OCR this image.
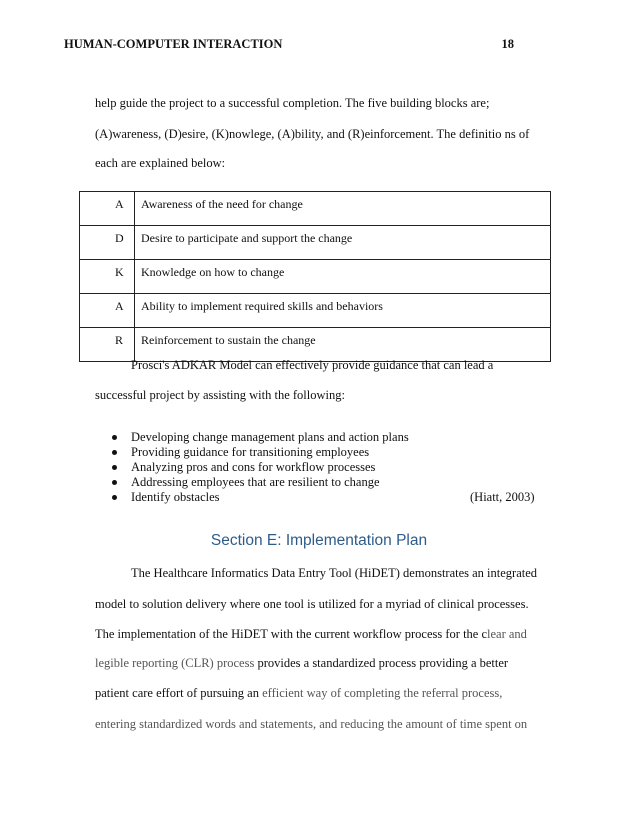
HUMAN-COMPUTER INTERACTION	18
help guide the project to a successful completion. The five building blocks are;
(A)wareness, (D)esire, (K)nowlege, (A)bility, and (R)einforcement. The definitio ns of
each are explained below:
A	Awareness of the need for change
D	Desire to participate and support the change
K	Knowledge on how to change
A	Ability to implement required skills and behaviors
R	Reinforcement to sustain the change
Prosci's ADKAR Model can effectively provide guidance that can lead a
successful project by assisting with the following:
Developing change management plans and action plans
Providing guidance for transitioning employees
Analyzing pros and cons for workflow processes
Addressing employees that are resilient to change
Identify obstacles	(Hiatt, 2003)
Section E: Implementation Plan
The Healthcare Informatics Data Entry Tool (HiDET) demonstrates an integrated
model to solution delivery where one tool is utilized for a myriad of clinical processes.
The implementation of the HiDET with the current workflow process for the clear and
legible reporting (CLR) process provides a standardized process providing a better
patient care effort of pursuing an efficient way of completing the referral process,
entering standardized words and statements, and reducing the amount of time spent on
